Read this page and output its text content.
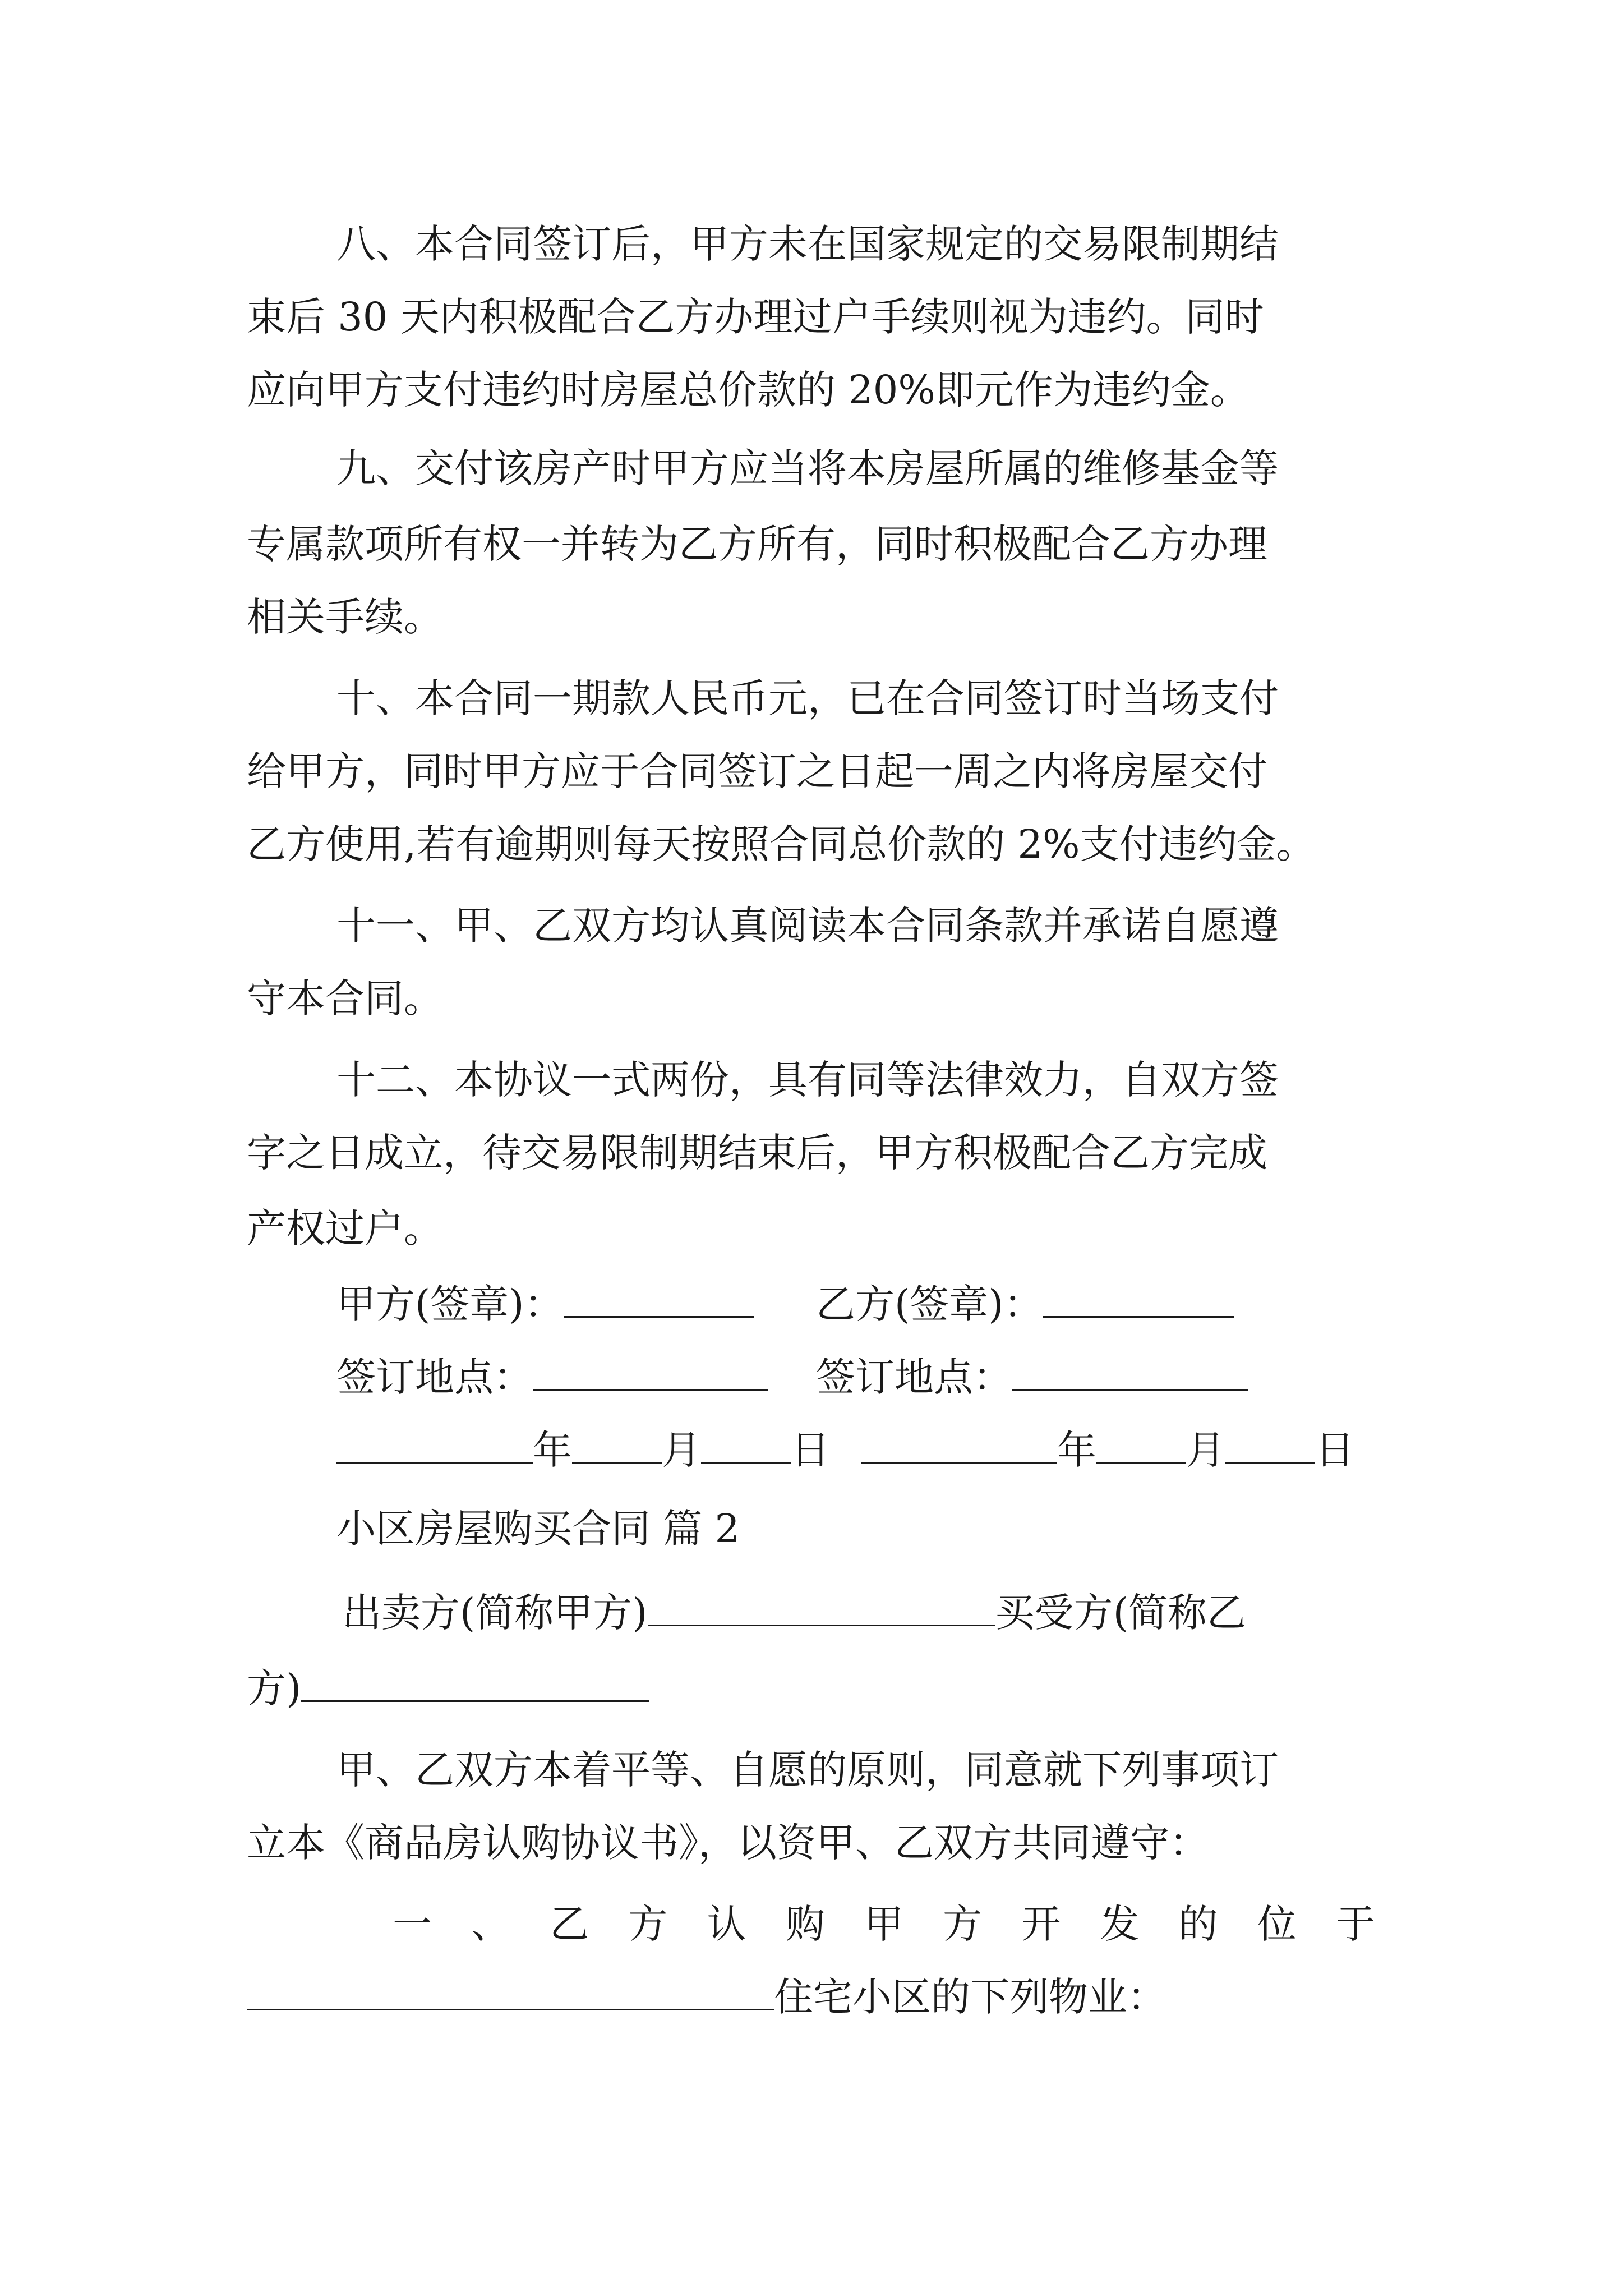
八、本合同签订后，甲方未在国家规定的交易限制期结
束后 30 天内积极配合乙方办理过户手续则视为违约。同时
应向甲方支付违约时房屋总价款的 20%即元作为违约金。
九、交付该房产时甲方应当将本房屋所属的维修基金等
专属款项所有权一并转为乙方所有，同时积极配合乙方办理
相关手续。
十、本合同一期款人民币元，已在合同签订时当场支付
给甲方，同时甲方应于合同签订之日起一周之内将房屋交付
乙方使用,若有逾期则每天按照合同总价款的 2%支付违约金。
十一、甲、乙双方均认真阅读本合同条款并承诺自愿遵
守本合同。
十二、本协议一式两份，具有同等法律效力，自双方签
字之日成立，待交易限制期结束后，甲方积极配合乙方完成
产权过户。
甲方(签章)：	乙方(签章)：
签订地点：	签订地点：
年 月 日	年 月 日
小区房屋购买合同 篇 2
出卖方(简称甲方)	买受方(简称乙
方)
甲、乙双方本着平等、自愿的原则，同意就下列事项订
立本《商品房认购协议书》，以资甲、乙双方共同遵守：
一、乙方认购甲方开发的位于
住宅小区的下列物业：
